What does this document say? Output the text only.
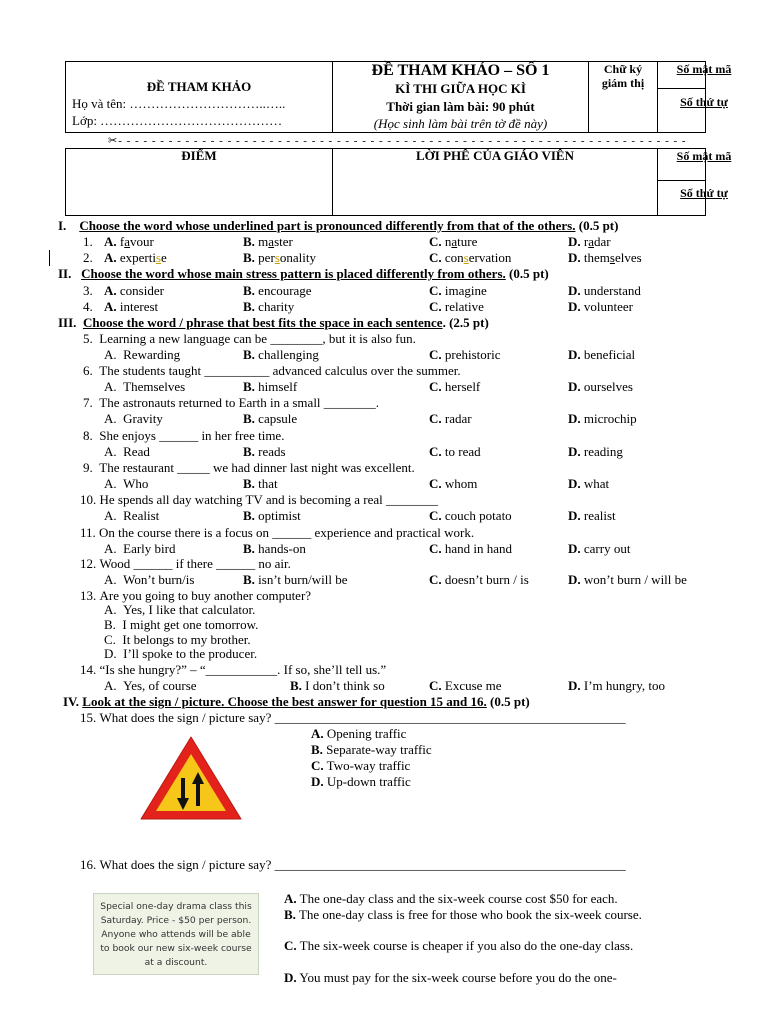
ĐỀ THAM KHẢO
Họ và tên: …………………………..…..
Lớp: ……………………………………
ĐỀ THAM KHẢO – SỐ 1
KÌ THI GIỮA HỌC KÌ
Thời gian làm bài: 90 phút
(Học sinh làm bài trên tờ đề này)
Chữ ký giám thị
Số mật mã
Số thứ tự
✂- - - - - - - - - - - - - - - - - - - - - - - - - - - - - - - - - - - - - - - - - - - - - - - - - - - - - - - - - - - - - - - - - - - -
ĐIỂM	LỜI PHÊ CỦA GIÁO VIÊN	Số mật mã
Số thứ tự
I. Choose the word whose underlined part is pronounced differently from that of the others. (0.5 pt)
1. A. favour	B. master	C. nature	D. radar
2. A. expertise	B. personality	C. conservation	D. themselves
II. Choose the word whose main stress pattern is placed differently from others. (0.5 pt)
3. A. consider	B. encourage	C. imagine	D. understand
4. A. interest	B. charity	C. relative	D. volunteer
III. Choose the word / phrase that best fits the space in each sentence. (2.5 pt)
5. Learning a new language can be ________, but it is also fun.
A. Rewarding	B. challenging	C. prehistoric	D. beneficial
6. The students taught __________ advanced calculus over the summer.
A. Themselves	B. himself	C. herself	D. ourselves
7. The astronauts returned to Earth in a small ________.
A. Gravity	B. capsule	C. radar	D. microchip
8. She enjoys ______ in her free time.
A. Read	B. reads	C. to read	D. reading
9. The restaurant _____ we had dinner last night was excellent.
A. Who	B. that	C. whom	D. what
10. He spends all day watching TV and is becoming a real ________
A. Realist	B. optimist	C. couch potato	D. realist
11. On the course there is a focus on ______ experience and practical work.
A. Early bird	B. hands-on	C. hand in hand	D. carry out
12. Wood ______ if there ______ no air.
A. Won’t burn/is	B. isn’t burn/will be	C. doesn’t burn / is	D. won’t burn / will be
13. Are you going to buy another computer?
A. Yes, I like that calculator.
B. I might get one tomorrow.
C. It belongs to my brother.
D. I’ll spoke to the producer.
14. “Is she hungry?” – “___________. If so, she’ll tell us.”
A. Yes, of course	B. I don’t think so	C. Excuse me	D. I’m hungry, too
IV. Look at the sign / picture. Choose the best answer for question 15 and 16. (0.5 pt)
15. What does the sign / picture say? ______________________________________________________
A. Opening traffic
B. Separate-way traffic
C. Two-way traffic
D. Up-down traffic
16. What does the sign / picture say? ______________________________________________________
Special one-day drama class this Saturday. Price - $50 per person. Anyone who attends will be able to book our new six-week course at a discount.
A. The one-day class and the six-week course cost $50 for each.
B. The one-day class is free for those who book the six-week course.
C. The six-week course is cheaper if you also do the one-day class.
D. You must pay for the six-week course before you do the one-
